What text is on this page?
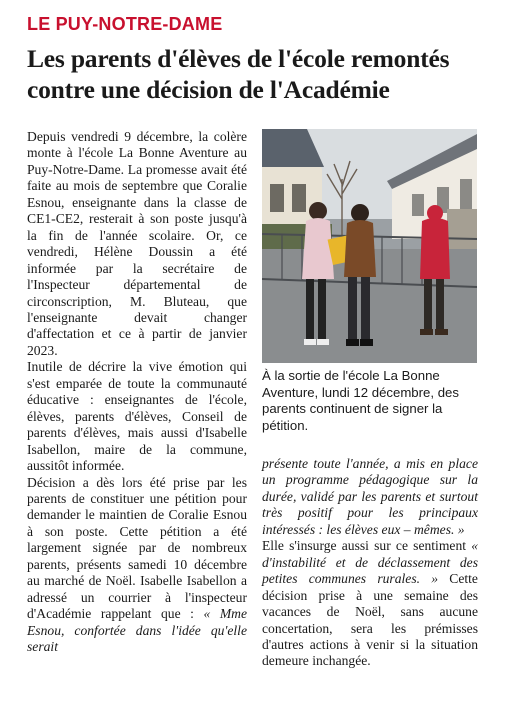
LE PUY-NOTRE-DAME
Les parents d'élèves de l'école remontés contre une décision de l'Académie

Depuis vendredi 9 décembre, la colère monte à l'école La Bonne Aventure au Puy-Notre-Dame. La promesse avait été faite au mois de septembre que Coralie Esnou, enseignante dans la classe de CE1-CE2, resterait à son poste jusqu'à la fin de l'année scolaire. Or, ce vendredi, Hélène Doussin a été informée par la secrétaire de l'Inspecteur départemental de circonscription, M. Bluteau, que l'enseignante devait changer d'affectation et ce à partir de janvier 2023.

Inutile de décrire la vive émotion qui s'est emparée de toute la communauté éducative : enseignantes de l'école, élèves, parents d'élèves, Conseil de parents d'élèves, mais aussi d'Isabelle Isabellon, maire de la commune, aussitôt informée.

Décision a dès lors été prise par les parents de constituer une pétition pour demander le maintien de Coralie Esnou à son poste. Cette pétition a été largement signée par de nombreux parents, présents samedi 10 décembre au marché de Noël. Isabelle Isabellon a adressé un courrier à l'inspecteur d'Académie rappelant que : « Mme Esnou, confortée dans l'idée qu'elle serait

À la sortie de l'école La Bonne Aventure, lundi 12 décembre, des parents continuent de signer la pétition.

présente toute l'année, a mis en place un programme pédagogique sur la durée, validé par les parents et surtout très positif pour les principaux intéressés : les élèves eux – mêmes. »

Elle s'insurge aussi sur ce sentiment « d'instabilité et de déclassement des petites communes rurales. » Cette décision prise à une semaine des vacances de Noël, sans aucune concertation, sera les prémisses d'autres actions à venir si la situation demeure inchangée.
